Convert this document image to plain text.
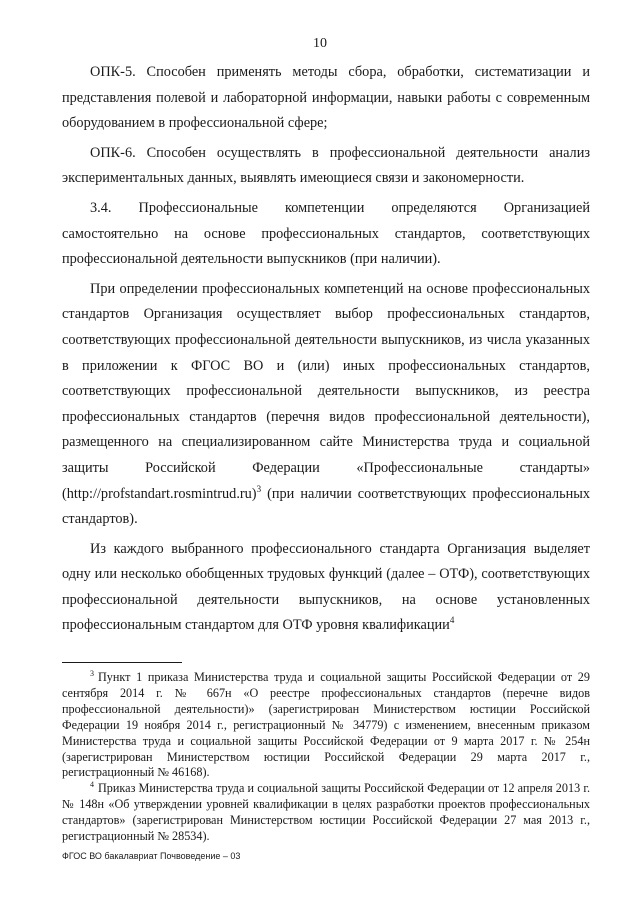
10

ОПК-5. Способен применять методы сбора, обработки, систематизации и представления полевой и лабораторной информации, навыки работы с современным оборудованием в профессиональной сфере;

ОПК-6. Способен осуществлять в профессиональной деятельности анализ экспериментальных данных, выявлять имеющиеся связи и закономерности.

3.4. Профессиональные компетенции определяются Организацией самостоятельно на основе профессиональных стандартов, соответствующих профессиональной деятельности выпускников (при наличии).

При определении профессиональных компетенций на основе профессиональных стандартов Организация осуществляет выбор профессиональных стандартов, соответствующих профессиональной деятельности выпускников, из числа указанных в приложении к ФГОС ВО и (или) иных профессиональных стандартов, соответствующих профессиональной деятельности выпускников, из реестра профессиональных стандартов (перечня видов профессиональной деятельности), размещенного на специализированном сайте Министерства труда и социальной защиты Российской Федерации «Профессиональные стандарты» (http://profstandart.rosmintrud.ru)$^3$ (при наличии соответствующих профессиональных стандартов).

Из каждого выбранного профессионального стандарта Организация выделяет одну или несколько обобщенных трудовых функций (далее – ОТФ), соответствующих профессиональной деятельности выпускников, на основе установленных профессиональным стандартом для ОТФ уровня квалификации$^4$

$^3$ Пункт 1 приказа Министерства труда и социальной защиты Российской Федерации от 29 сентября 2014 г. № 667н «О реестре профессиональных стандартов (перечне видов профессиональной деятельности)» (зарегистрирован Министерством юстиции Российской Федерации 19 ноября 2014 г., регистрационный № 34779) с изменением, внесенным приказом Министерства труда и социальной защиты Российской Федерации от 9 марта 2017 г. № 254н (зарегистрирован Министерством юстиции Российской Федерации 29 марта 2017 г., регистрационный № 46168).

$^4$ Приказ Министерства труда и социальной защиты Российской Федерации от 12 апреля 2013 г. № 148н «Об утверждении уровней квалификации в целях разработки проектов профессиональных стандартов» (зарегистрирован Министерством юстиции Российской Федерации 27 мая 2013 г., регистрационный № 28534).

ФГОС ВО бакалавриат Почвоведение – 03
